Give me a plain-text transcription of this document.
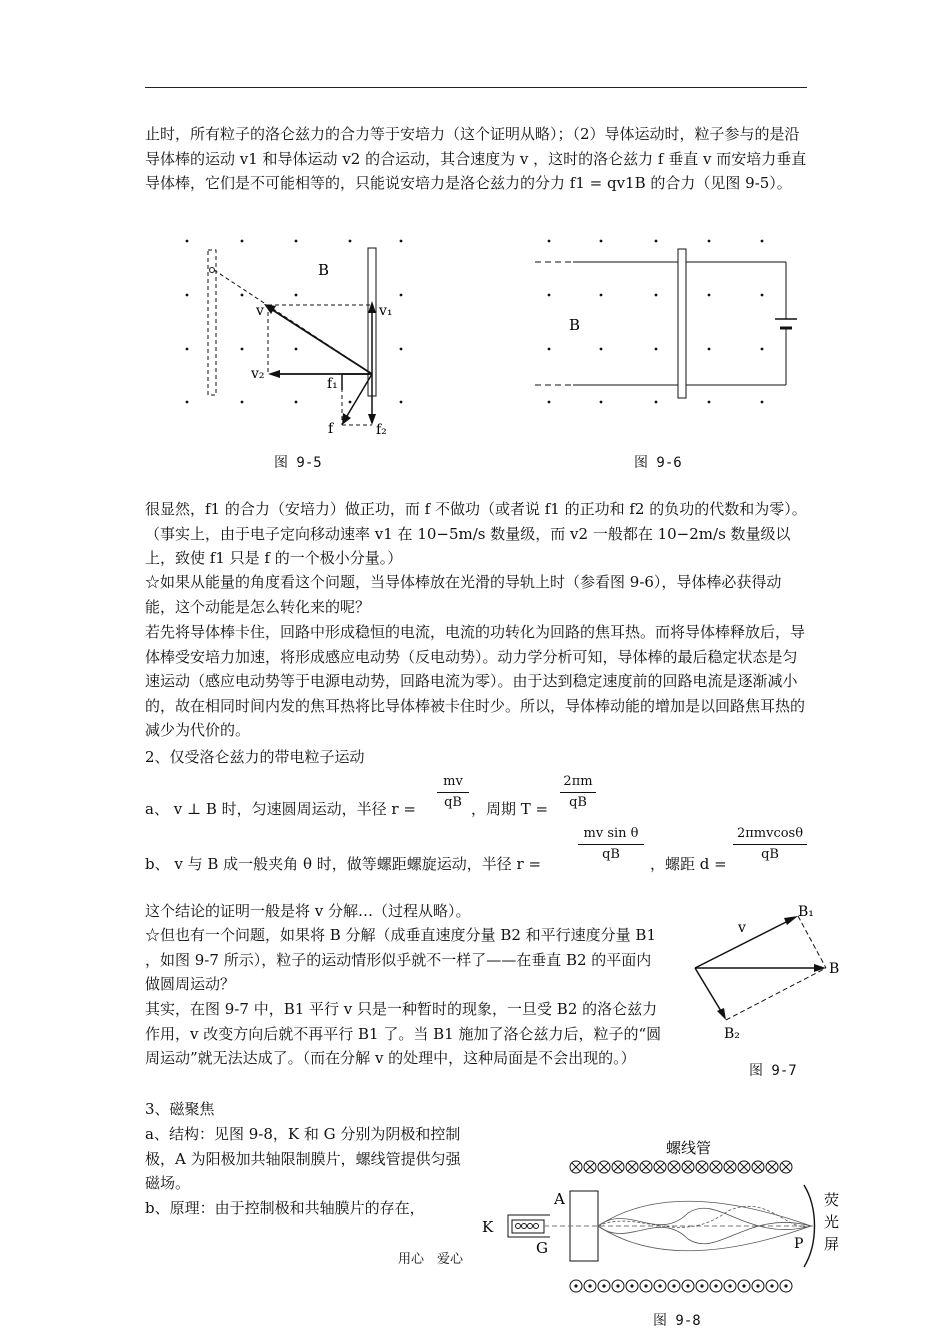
止时，所有粒子的洛仑兹力的合力等于安培力（这个证明从略）；（2）导体运动时，粒子参与的是沿导体棒的运动 v1 和导体运动 v2 的合运动，其合速度为 v ，这时的洛仑兹力 f 垂直 v 而安培力垂直导体棒，它们是不可能相等的，只能说安培力是洛仑兹力的分力 f1 = qv1B 的合力（见图 9-5）。
B
v	v₁
v₂
f₁
f	f₂
图 9-5
B
图 9-6
很显然，f1 的合力（安培力）做正功，而 f 不做功（或者说 f1 的正功和 f2 的负功的代数和为零）。（事实上，由于电子定向移动速率 v1 在 10−5m/s 数量级，而 v2 一般都在 10−2m/s 数量级以上，致使 f1 只是 f 的一个极小分量。）
☆如果从能量的角度看这个问题，当导体棒放在光滑的导轨上时（参看图 9-6），导体棒必获得动能，这个动能是怎么转化来的呢？
若先将导体棒卡住，回路中形成稳恒的电流，电流的功转化为回路的焦耳热。而将导体棒释放后，导体棒受安培力加速，将形成感应电动势（反电动势）。动力学分析可知，导体棒的最后稳定状态是匀速运动（感应电动势等于电源电动势，回路电流为零）。由于达到稳定速度前的回路电流是逐渐减小的，故在相同时间内发的焦耳热将比导体棒被卡住时少。所以，导体棒动能的增加是以回路焦耳热的减少为代价的。
2、仅受洛仑兹力的带电粒子运动
a、 v ⊥ B 时，匀速圆周运动，半径 r =
mv
qB ，周期 T =
2πm
qB
b、 v 与 B 成一般夹角 θ 时，做等螺距螺旋运动，半径 r =
mv sin θ
qB
，螺距 d =
2πmvcosθ
qB
这个结论的证明一般是将 v 分解…（过程从略）。
☆但也有一个问题，如果将 B 分解（成垂直速度分量 B2 和平行速度分量 B1 ，如图 9-7 所示），粒子的运动情形似乎就不一样了——在垂直 B2 的平面内做圆周运动？
其实，在图 9-7 中，B1 平行 v 只是一种暂时的现象，一旦受 B2 的洛仑兹力作用，v 改变方向后就不再平行 B1 了。当 B1 施加了洛仑兹力后，粒子的“圆周运动”就无法达成了。（而在分解 v 的处理中，这种局面是不会出现的。）
v
B₁
B
B₂
图 9-7
3、磁聚焦
a、结构：见图 9-8，K 和 G 分别为阴极和控制极，A 为阳极加共轴限制膜片，螺线管提供匀强磁场。
b、原理：由于控制极和共轴膜片的存在，
螺线管
A
K
G	P
荧
光
屏
图 9-8
用心　爱心
